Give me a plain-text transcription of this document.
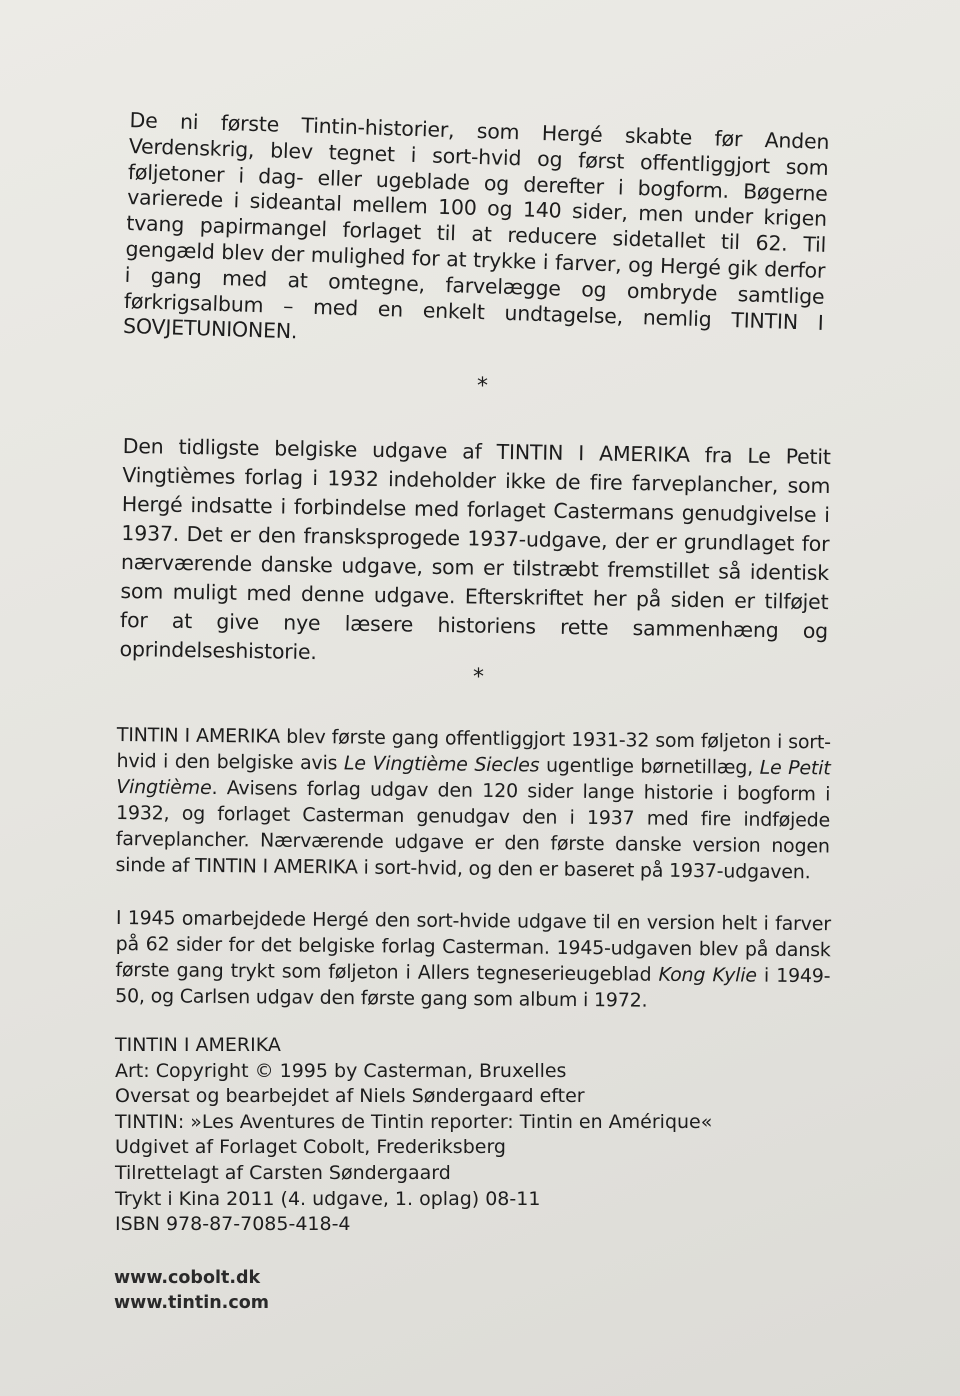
De ni første Tintin-historier, som Hergé skabte før Anden Verdenskrig, blev tegnet i sort-hvid og først offentliggjort som føljetoner i dag- eller ugeblade og derefter i bogform. Bøgerne varierede i sideantal mellem 100 og 140 sider, men under krigen tvang papirmangel forlaget til at reducere sidetallet til 62. Til gengæld blev der mulighed for at trykke i farver, og Hergé gik derfor i gang med at omtegne, farvelægge og ombryde samtlige førkrigsalbum – med en enkelt undtagelse, nemlig TINTIN I SOVJETUNIONEN.

*

Den tidligste belgiske udgave af TINTIN I AMERIKA fra Le Petit Vingtièmes forlag i 1932 indeholder ikke de fire farveplancher, som Hergé indsatte i forbindelse med forlaget Castermans genudgivelse i 1937. Det er den fransksprogede 1937-udgave, der er grundlaget for nærværende danske udgave, som er tilstræbt fremstillet så identisk som muligt med denne udgave. Efterskriftet her på siden er tilføjet for at give nye læsere historiens rette sammenhæng og oprindelseshistorie.

*

TINTIN I AMERIKA blev første gang offentliggjort 1931-32 som føljeton i sort-hvid i den belgiske avis Le Vingtième Siecles ugentlige børnetillæg, Le Petit Vingtième. Avisens forlag udgav den 120 sider lange historie i bogform i 1932, og forlaget Casterman genudgav den i 1937 med fire indføjede farveplancher. Nærværende udgave er den første danske version nogen sinde af TINTIN I AMERIKA i sort-hvid, og den er baseret på 1937-udgaven.

I 1945 omarbejdede Hergé den sort-hvide udgave til en version helt i farver på 62 sider for det belgiske forlag Casterman. 1945-udgaven blev på dansk første gang trykt som føljeton i Allers tegneserieugeblad Kong Kylie i 1949-50, og Carlsen udgav den første gang som album i 1972.

TINTIN I AMERIKA
Art: Copyright © 1995 by Casterman, Bruxelles
Oversat og bearbejdet af Niels Søndergaard efter
TINTIN: »Les Aventures de Tintin reporter: Tintin en Amérique«
Udgivet af Forlaget Cobolt, Frederiksberg
Tilrettelagt af Carsten Søndergaard
Trykt i Kina 2011 (4. udgave, 1. oplag) 08-11
ISBN 978-87-7085-418-4
www.cobolt.dk
www.tintin.com
